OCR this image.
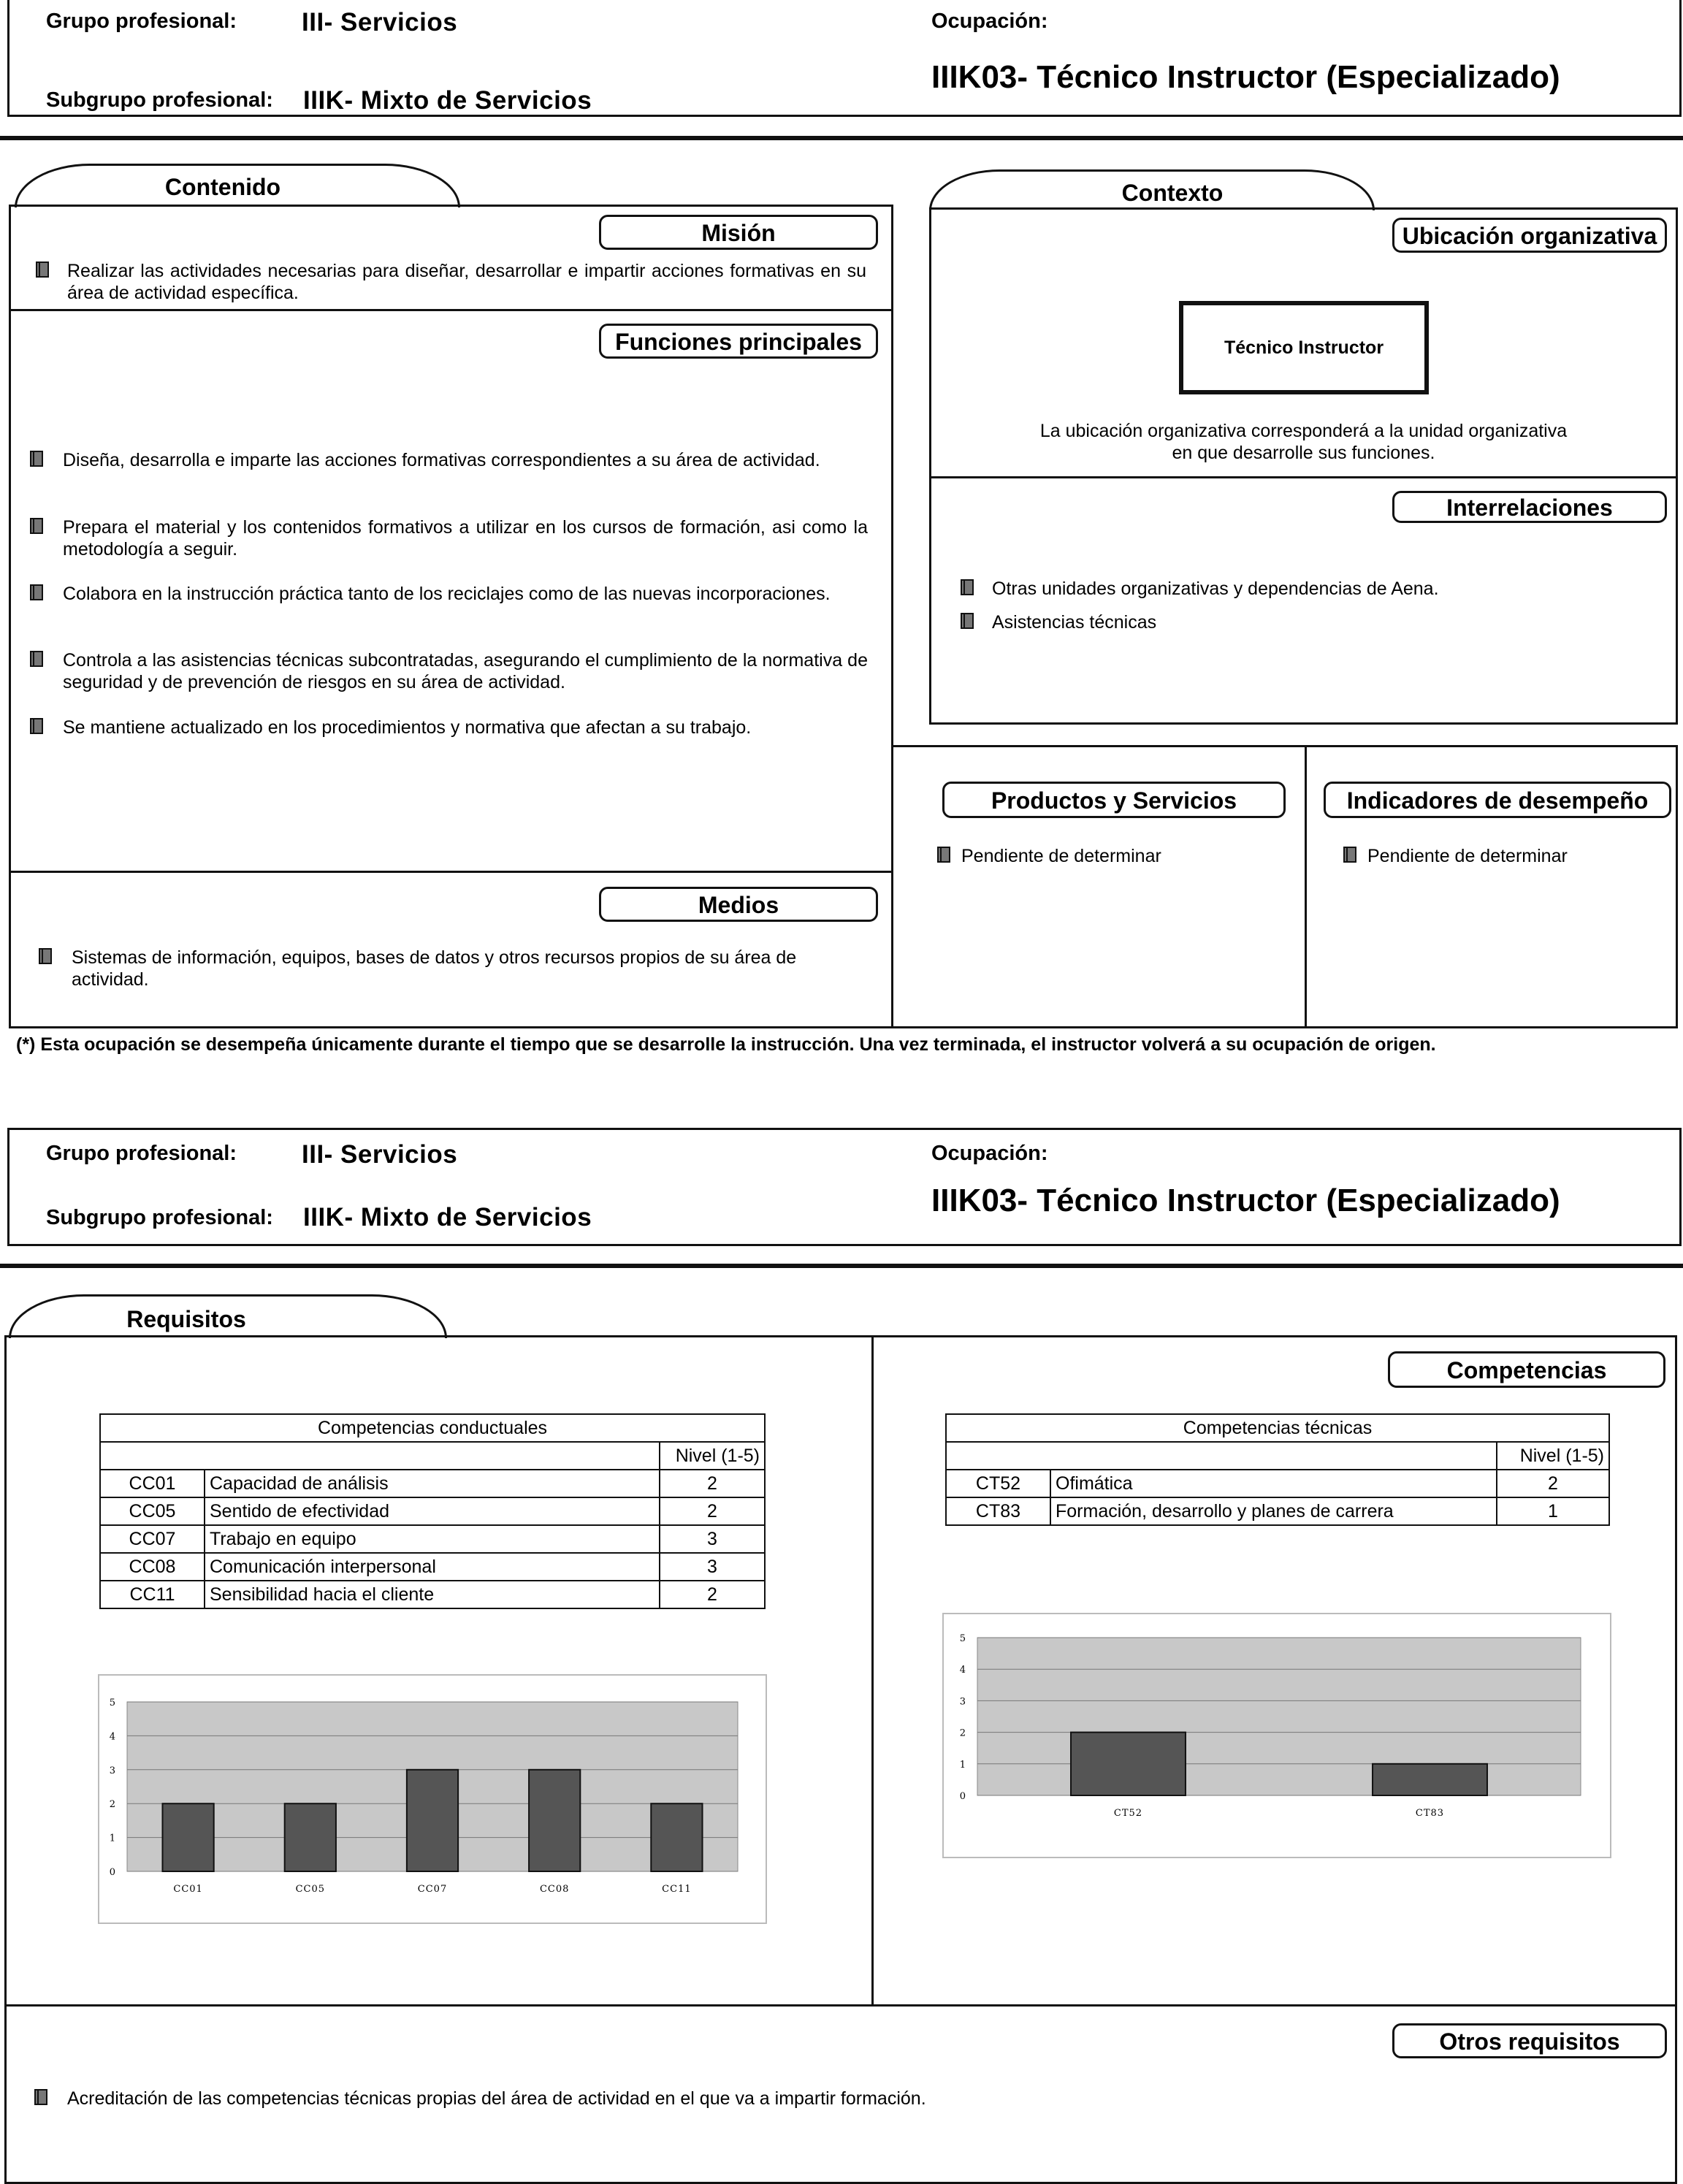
Grupo profesional:	III- Servicios
Subgrupo profesional: IIIK- Mixto de Servicios
Ocupación:
IIIK03- Técnico Instructor (Especializado)
Contenido
Misión
Realizar las actividades necesarias para diseñar, desarrollar e impartir acciones formativas en su área de actividad específica.
Funciones principales
Diseña, desarrolla e imparte las acciones formativas correspondientes a su área de actividad.
Prepara el material y los contenidos formativos a utilizar en los cursos de formación, asi como la metodología a seguir.
Colabora en la instrucción práctica tanto de los reciclajes como de las nuevas incorporaciones.
Controla a las asistencias técnicas subcontratadas, asegurando el cumplimiento de la normativa de seguridad y de prevención de riesgos en su área de actividad.
Se mantiene actualizado en los procedimientos y normativa que afectan a su trabajo.
Medios
Sistemas de información, equipos, bases de datos y otros recursos propios de su área de actividad.
Contexto
Ubicación organizativa
Técnico Instructor
La ubicación organizativa corresponderá a la unidad organizativa
en que desarrolle sus funciones.
Interrelaciones
Otras unidades organizativas y dependencias de Aena.
Asistencias técnicas
Productos y Servicios
Pendiente de determinar
Indicadores de desempeño
Pendiente de determinar
(*) Esta ocupación se desempeña únicamente durante el tiempo que se desarrolle la instrucción. Una vez terminada, el instructor volverá a su ocupación de origen.
Grupo profesional:	III- Servicios
Subgrupo profesional: IIIK- Mixto de Servicios
Ocupación:
IIIK03- Técnico Instructor (Especializado)
Requisitos
Competencias
Competencias conductuales		
		Nivel (1-5)
CC01	Capacidad de análisis	2
CC05	Sentido de efectividad	2
CC07	Trabajo en equipo	3
CC08	Comunicación interpersonal	3
CC11	Sensibilidad hacia el cliente	2
Competencias técnicas		
		Nivel (1-5)
CT52	Ofimática	2
CT83	Formación, desarrollo y planes de carrera	1
0
1
2
3
4
5
CC01	CC05	CC07	CC08	CC11
0
1
2
3
4
5
CT52	CT83
Otros requisitos
Acreditación de las competencias técnicas propias del área de actividad en el que va a impartir formación.
